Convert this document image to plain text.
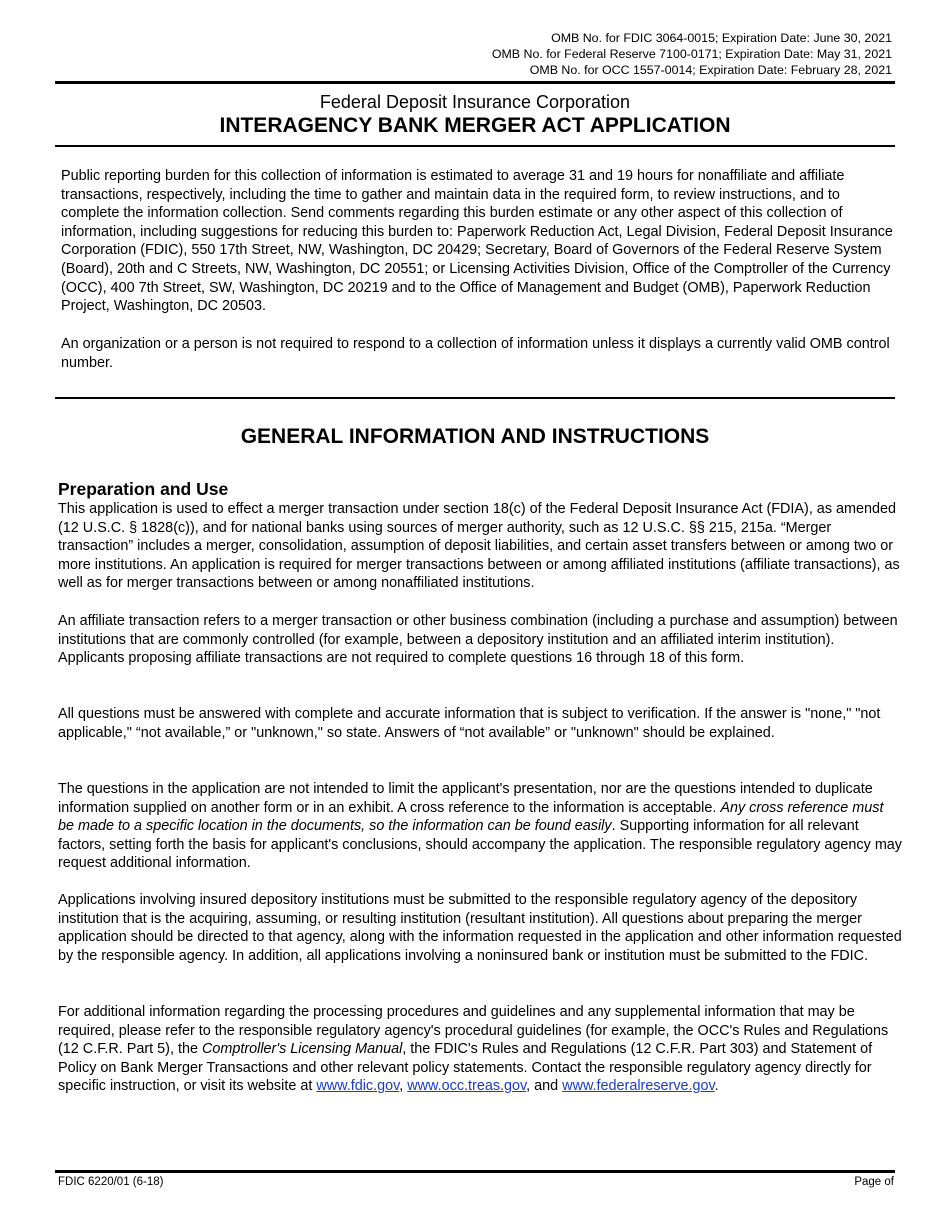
OMB No. for FDIC 3064-0015; Expiration Date: June 30, 2021
OMB No. for Federal Reserve 7100-0171; Expiration Date: May 31, 2021
OMB No. for OCC 1557-0014; Expiration Date: February 28, 2021
Federal Deposit Insurance Corporation
INTERAGENCY BANK MERGER ACT APPLICATION

Public reporting burden for this collection of information is estimated to average 31 and 19 hours for nonaffiliate and affiliate transactions, respectively, including the time to gather and maintain data in the required form, to review instructions, and to complete the information collection. Send comments regarding this burden estimate or any other aspect of this collection of information, including suggestions for reducing this burden to: Paperwork Reduction Act, Legal Division, Federal Deposit Insurance Corporation (FDIC), 550 17th Street, NW, Washington, DC 20429; Secretary, Board of Governors of the Federal Reserve System (Board), 20th and C Streets, NW, Washington, DC 20551; or Licensing Activities Division, Office of the Comptroller of the Currency (OCC), 400 7th Street, SW, Washington, DC 20219 and to the Office of Management and Budget (OMB), Paperwork Reduction Project, Washington, DC 20503.

An organization or a person is not required to respond to a collection of information unless it displays a currently valid OMB control number.

GENERAL INFORMATION AND INSTRUCTIONS
Preparation and Use

This application is used to effect a merger transaction under section 18(c) of the Federal Deposit Insurance Act (FDIA), as amended (12 U.S.C. § 1828(c)), and for national banks using sources of merger authority, such as 12 U.S.C. §§ 215, 215a. “Merger transaction” includes a merger, consolidation, assumption of deposit liabilities, and certain asset transfers between or among two or more institutions. An application is required for merger transactions between or among affiliated institutions (affiliate transactions), as well as for merger transactions between or among nonaffiliated institutions.

An affiliate transaction refers to a merger transaction or other business combination (including a purchase and assumption) between institutions that are commonly controlled (for example, between a depository institution and an affiliated interim institution). Applicants proposing affiliate transactions are not required to complete questions 16 through 18 of this form.

All questions must be answered with complete and accurate information that is subject to verification. If the answer is "none," "not applicable," “not available,” or "unknown," so state. Answers of “not available” or "unknown" should be explained.

The questions in the application are not intended to limit the applicant's presentation, nor are the questions intended to duplicate information supplied on another form or in an exhibit. A cross reference to the information is acceptable. Any cross reference must be made to a specific location in the documents, so the information can be found easily. Supporting information for all relevant factors, setting forth the basis for applicant's conclusions, should accompany the application. The responsible regulatory agency may request additional information.

Applications involving insured depository institutions must be submitted to the responsible regulatory agency of the depository institution that is the acquiring, assuming, or resulting institution (resultant institution). All questions about preparing the merger application should be directed to that agency, along with the information requested in the application and other information requested by the responsible agency. In addition, all applications involving a noninsured bank or institution must be submitted to the FDIC.

For additional information regarding the processing procedures and guidelines and any supplemental information that may be required, please refer to the responsible regulatory agency's procedural guidelines (for example, the OCC's Rules and Regulations (12 C.F.R. Part 5), the Comptroller's Licensing Manual, the FDIC's Rules and Regulations (12 C.F.R. Part 303) and Statement of Policy on Bank Merger Transactions and other relevant policy statements. Contact the responsible regulatory agency directly for specific instruction, or visit its website at www.fdic.gov, www.occ.treas.gov, and www.federalreserve.gov.

FDIC 6220/01 (6-18)	Page of
